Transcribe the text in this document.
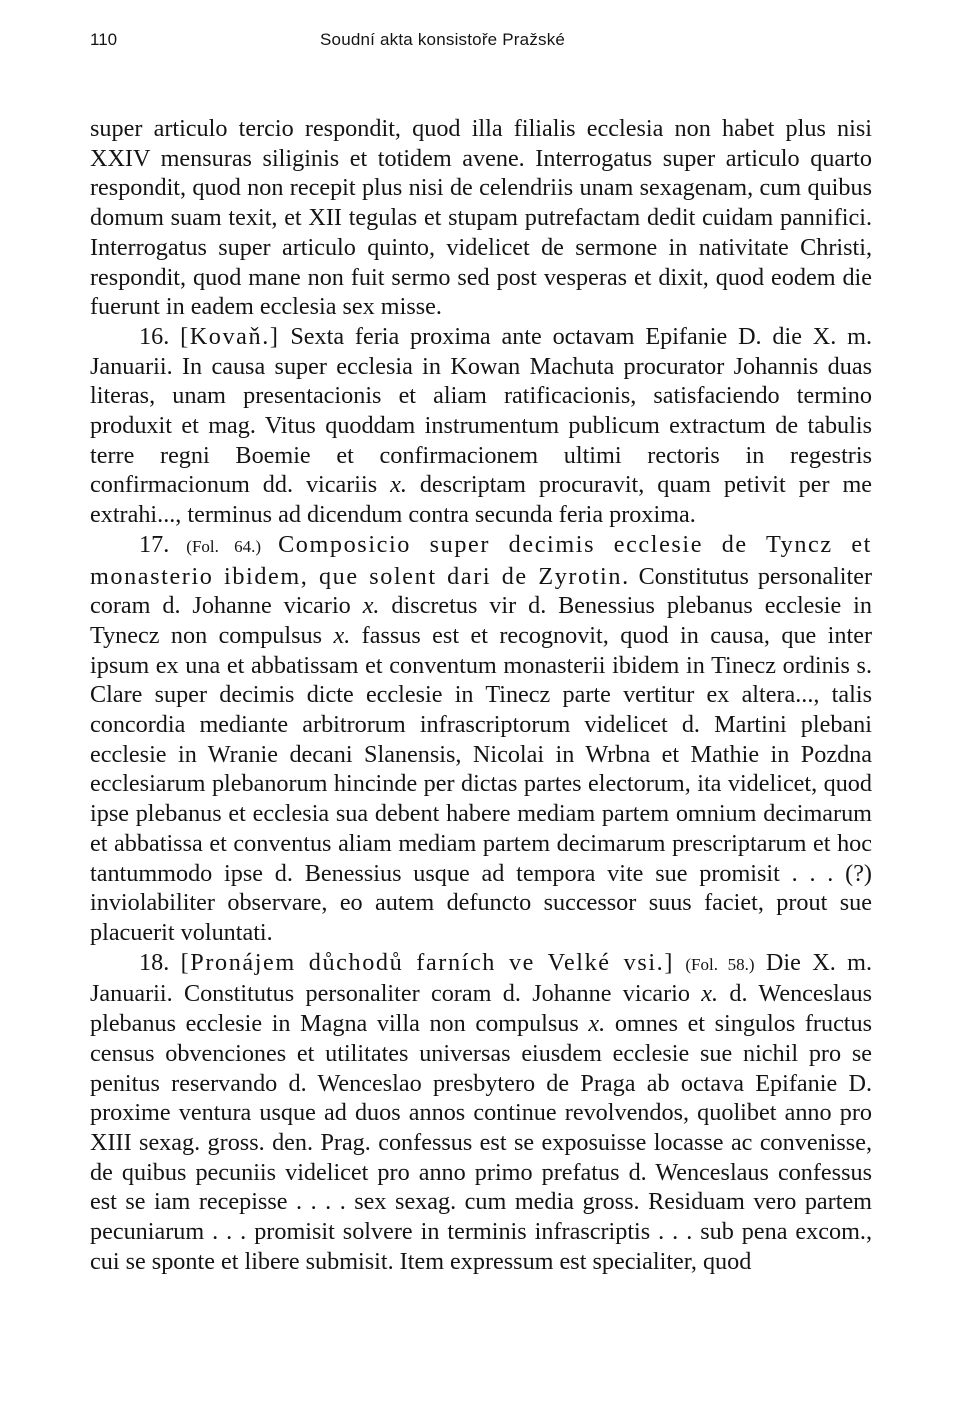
110	Soudní akta konsistoře Pražské

super articulo tercio respondit, quod illa filialis ecclesia non habet plus nisi XXIV mensuras siliginis et totidem avene. Interrogatus super articulo quarto respondit, quod non recepit plus nisi de celendriis unam sexagenam, cum quibus domum suam texit, et XII tegulas et stupam putrefactam dedit cuidam pannifici. Interrogatus super articulo quinto, videlicet de sermone in nativitate Christi, respondit, quod mane non fuit sermo sed post vesperas et dixit, quod eodem die fuerunt in eadem ecclesia sex misse.

16. [Kovaň.] Sexta feria proxima ante octavam Epifanie D. die X. m. Januarii. In causa super ecclesia in Kowan Machuta procurator Johannis duas literas, unam presentacionis et aliam ratificacionis, satisfaciendo termino produxit et mag. Vitus quoddam instrumentum publicum extractum de tabulis terre regni Boemie et confirmacionem ultimi rectoris in regestris confirmacionum dd. vicariis x. descriptam procuravit, quam petivit per me extrahi..., terminus ad dicendum contra secunda feria proxima.

17. (Fol. 64.) Composicio super decimis ecclesie de Tyncz et monasterio ibidem, que solent dari de Zyrotin. Constitutus personaliter coram d. Johanne vicario x. discretus vir d. Benessius plebanus ecclesie in Tynecz non compulsus x. fassus est et recognovit, quod in causa, que inter ipsum ex una et abbatissam et conventum monasterii ibidem in Tinecz ordinis s. Clare super decimis dicte ecclesie in Tinecz parte vertitur ex altera..., talis concordia mediante arbitrorum infrascriptorum videlicet d. Martini plebani ecclesie in Wranie decani Slanensis, Nicolai in Wrbna et Mathie in Pozdna ecclesiarum plebanorum hincinde per dictas partes electorum, ita videlicet, quod ipse plebanus et ecclesia sua debent habere mediam partem omnium decimarum et abbatissa et conventus aliam mediam partem decimarum prescriptarum et hoc tantummodo ipse d. Benessius usque ad tempora vite sue promisit . . . (?) inviolabiliter observare, eo autem defuncto successor suus faciet, prout sue placuerit voluntati.

18. [Pronájem důchodů farních ve Velké vsi.] (Fol. 58.) Die X. m. Januarii. Constitutus personaliter coram d. Johanne vicario x. d. Wenceslaus plebanus ecclesie in Magna villa non compulsus x. omnes et singulos fructus census obvenciones et utilitates universas eiusdem ecclesie sue nichil pro se penitus reservando d. Wenceslao presbytero de Praga ab octava Epifanie D. proxime ventura usque ad duos annos continue revolvendos, quolibet anno pro XIII sexag. gross. den. Prag. confessus est se exposuisse locasse ac convenisse, de quibus pecuniis videlicet pro anno primo prefatus d. Wenceslaus confessus est se iam recepisse . . . . sex sexag. cum media gross. Residuam vero partem pecuniarum . . . promisit solvere in terminis infrascriptis . . . sub pena excom., cui se sponte et libere submisit. Item expressum est specialiter, quod
